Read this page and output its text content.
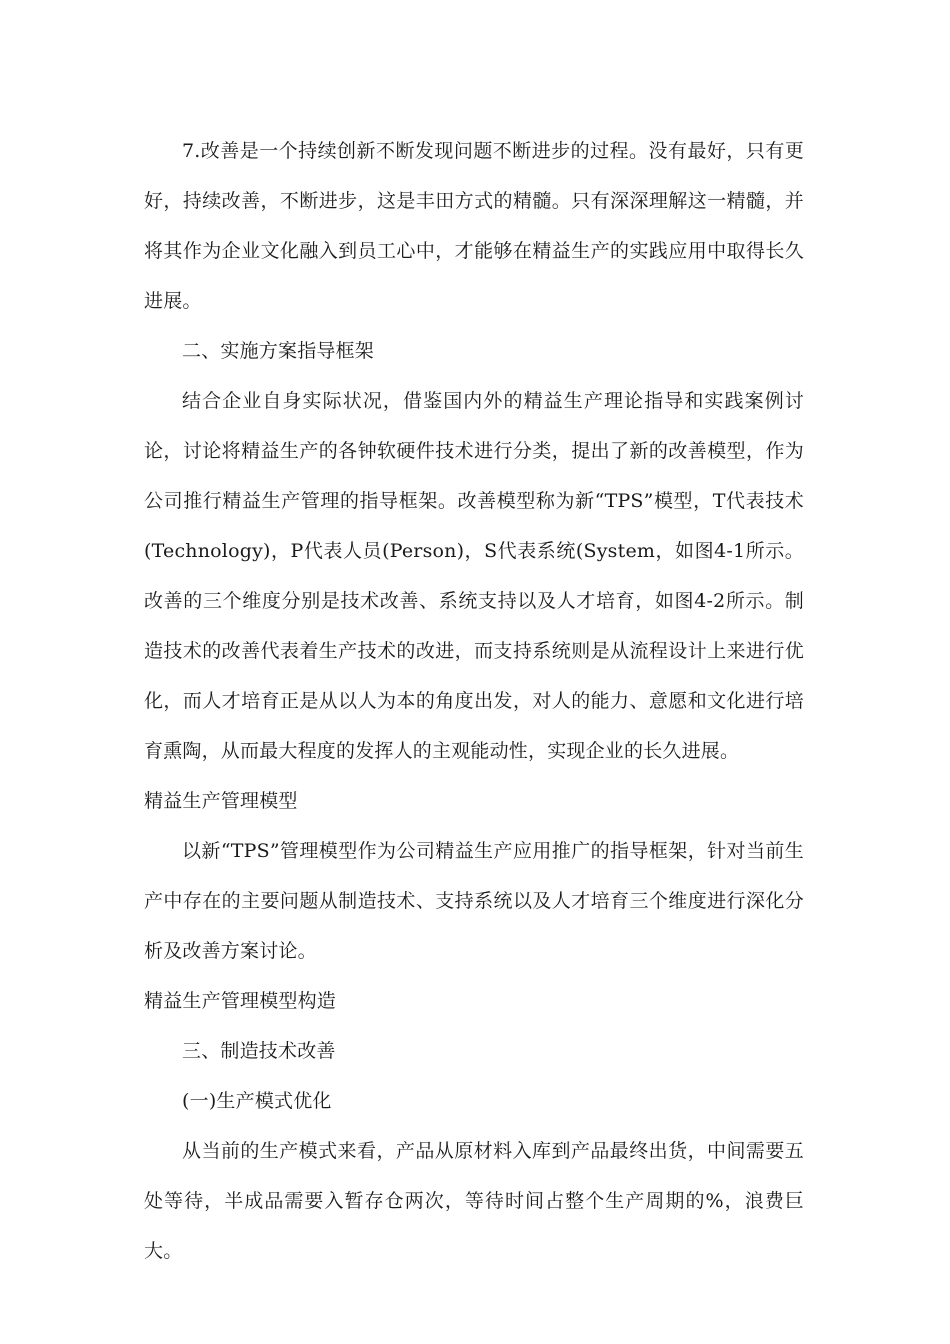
7.改善是一个持续创新不断发现问题不断进步的过程。没有最好，只有更好，持续改善，不断进步，这是丰田方式的精髓。只有深深理解这一精髓，并将其作为企业文化融入到员工心中，才能够在精益生产的实践应用中取得长久进展。

二、实施方案指导框架

结合企业自身实际状况，借鉴国内外的精益生产理论指导和实践案例讨论，讨论将精益生产的各钟软硬件技术进行分类，提出了新的改善模型，作为公司推行精益生产管理的指导框架。改善模型称为新“TPS”模型，T代表技术(Technology)，P代表人员(Person)，S代表系统(System，如图4-1所示。改善的三个维度分别是技术改善、系统支持以及人才培育，如图4-2所示。制造技术的改善代表着生产技术的改进，而支持系统则是从流程设计上来进行优化，而人才培育正是从以人为本的角度出发，对人的能力、意愿和文化进行培育熏陶，从而最大程度的发挥人的主观能动性，实现企业的长久进展。

精益生产管理模型

以新“TPS”管理模型作为公司精益生产应用推广的指导框架，针对当前生产中存在的主要问题从制造技术、支持系统以及人才培育三个维度进行深化分析及改善方案讨论。

精益生产管理模型构造

三、制造技术改善

(一)生产模式优化

从当前的生产模式来看，产品从原材料入库到产品最终出货，中间需要五处等待，半成品需要入暂存仓两次，等待时间占整个生产周期的%，浪费巨大。
